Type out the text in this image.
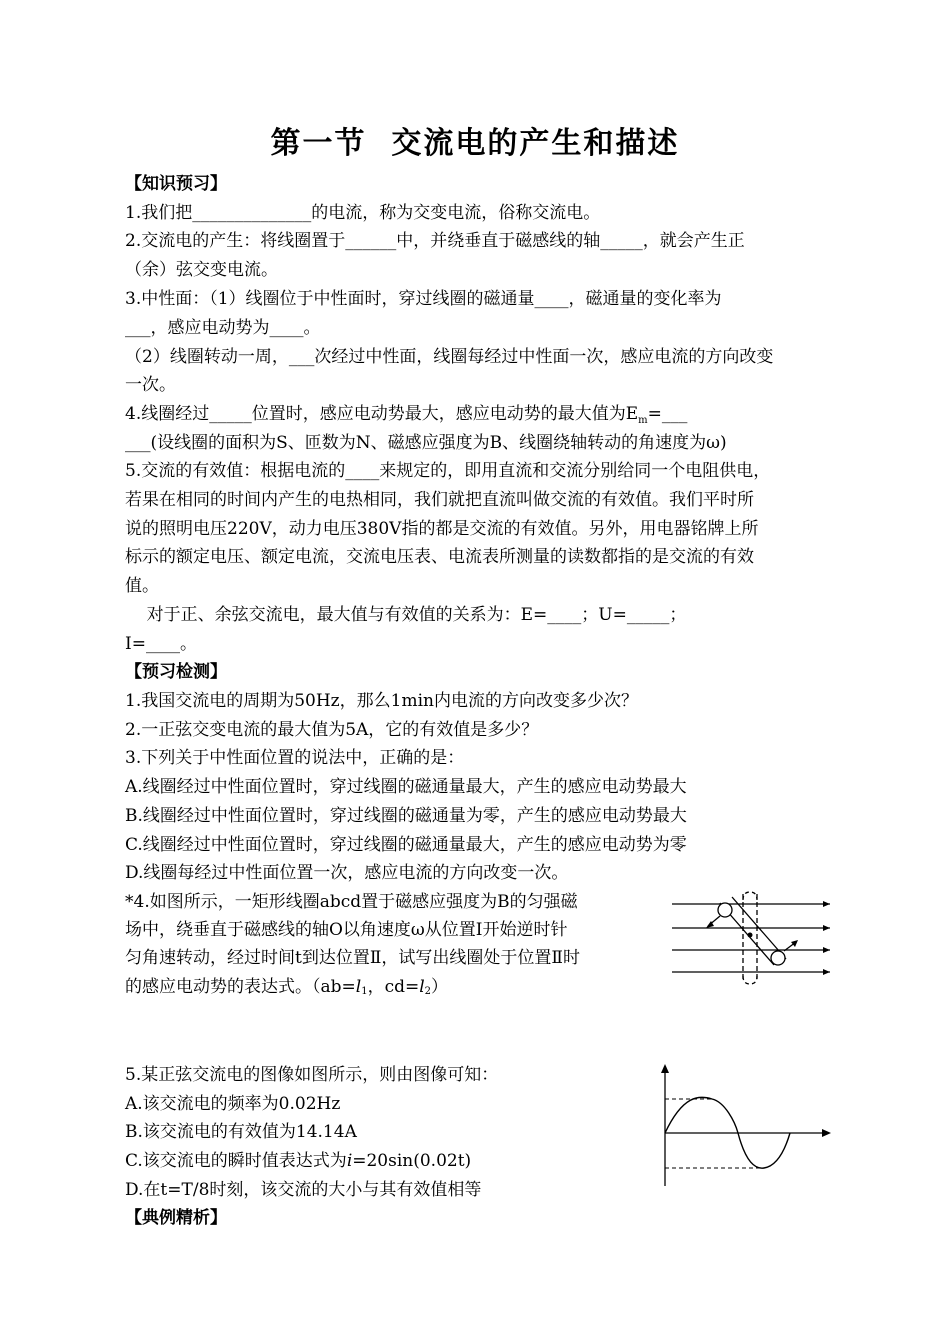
第一节  交流电的产生和描述
【知识预习】
1.我们把______________的电流，称为交变电流，俗称交流电。
2.交流电的产生：将线圈置于______中，并绕垂直于磁感线的轴_____，就会产生正
（余）弦交变电流。
3.中性面：（1）线圈位于中性面时，穿过线圈的磁通量____，磁通量的变化率为
___，感应电动势为____。
（2）线圈转动一周，___次经过中性面，线圈每经过中性面一次，感应电流的方向改变
一次。
4.线圈经过_____位置时，感应电动势最大，感应电动势的最大值为$E_m=\_\_\_$
___(设线圈的面积为S、匝数为N、磁感应强度为B、线圈绕轴转动的角速度为ω)
5.交流的有效值：根据电流的____来规定的，即用直流和交流分别给同一个电阻供电，
若果在相同的时间内产生的电热相同，我们就把直流叫做交流的有效值。我们平时所
说的照明电压220V，动力电压380V指的都是交流的有效值。另外，用电器铭牌上所
标示的额定电压、额定电流，交流电压表、电流表所测量的读数都指的是交流的有效
值。
对于正、余弦交流电，最大值与有效值的关系为：E=____；U=_____；
I=____。
【预习检测】
1.我国交流电的周期为50Hz，那么1min内电流的方向改变多少次？
2.一正弦交变电流的最大值为5A，它的有效值是多少？
3.下列关于中性面位置的说法中，正确的是：
A.线圈经过中性面位置时，穿过线圈的磁通量最大，产生的感应电动势最大
B.线圈经过中性面位置时，穿过线圈的磁通量为零，产生的感应电动势最大
C.线圈经过中性面位置时，穿过线圈的磁通量最大，产生的感应电动势为零
D.线圈每经过中性面位置一次，感应电流的方向改变一次。
*4.如图所示，一矩形线圈abcd置于磁感应强度为B的匀强磁
场中，绕垂直于磁感线的轴O以角速度ω从位置Ⅰ开始逆时针
匀角速转动，经过时间t到达位置Ⅱ，试写出线圈处于位置Ⅱ时
的感应电动势的表达式。（$ab=l_1$，$cd=l_2$）
5.某正弦交流电的图像如图所示，则由图像可知：
A.该交流电的频率为0.02Hz
B.该交流电的有效值为14.14A
C.该交流电的瞬时值表达式为i=20sin(0.02t)
D.在t=T/8时刻，该交流的大小与其有效值相等
【典例精析】
